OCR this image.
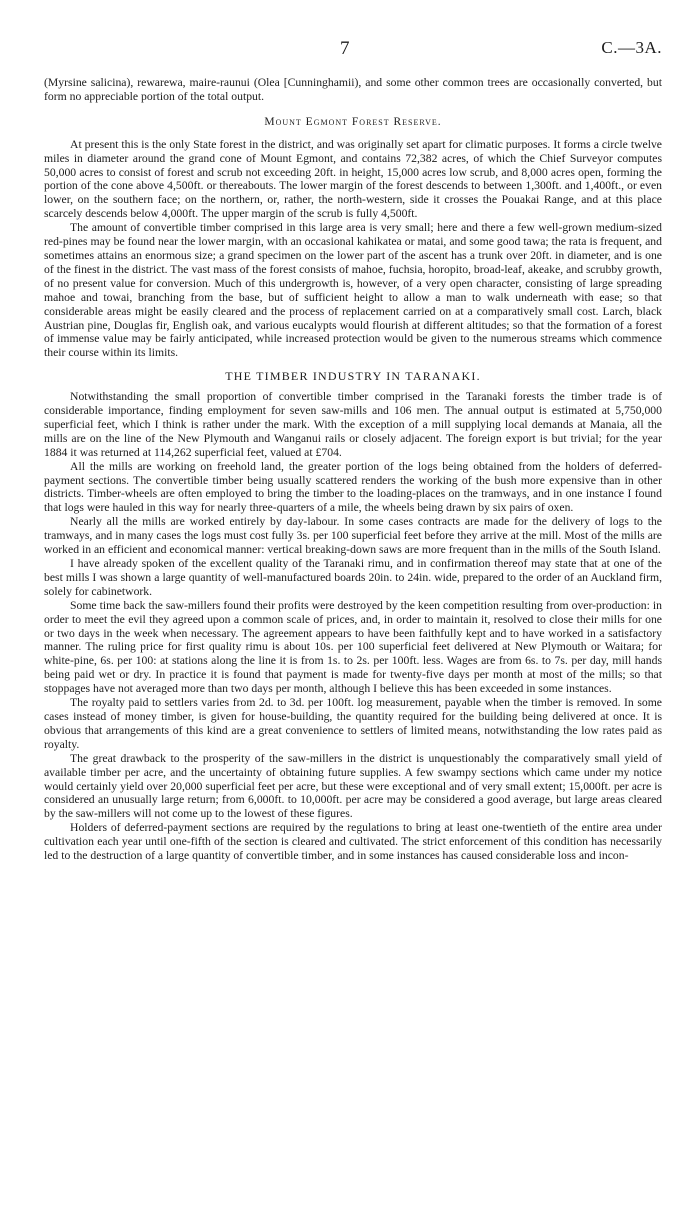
7	C.—3A.

(Myrsine salicina), rewarewa, maire-raunui (Olea [Cunninghamii), and some other common trees are occasionally converted, but form no appreciable portion of the total output.

Mount Egmont Forest Reserve.

At present this is the only State forest in the district, and was originally set apart for climatic purposes. It forms a circle twelve miles in diameter around the grand cone of Mount Egmont, and contains 72,382 acres, of which the Chief Surveyor computes 50,000 acres to consist of forest and scrub not exceeding 20ft. in height, 15,000 acres low scrub, and 8,000 acres open, forming the portion of the cone above 4,500ft. or thereabouts. The lower margin of the forest descends to between 1,300ft. and 1,400ft., or even lower, on the southern face; on the northern, or, rather, the north-western, side it crosses the Pouakai Range, and at this place scarcely descends below 4,000ft. The upper margin of the scrub is fully 4,500ft.

The amount of convertible timber comprised in this large area is very small; here and there a few well-grown medium-sized red-pines may be found near the lower margin, with an occasional kahikatea or matai, and some good tawa; the rata is frequent, and sometimes attains an enormous size; a grand specimen on the lower part of the ascent has a trunk over 20ft. in diameter, and is one of the finest in the district. The vast mass of the forest consists of mahoe, fuchsia, horopito, broad-leaf, akeake, and scrubby growth, of no present value for conversion. Much of this undergrowth is, however, of a very open character, consisting of large spreading mahoe and towai, branching from the base, but of sufficient height to allow a man to walk underneath with ease; so that considerable areas might be easily cleared and the process of replacement carried on at a comparatively small cost. Larch, black Austrian pine, Douglas fir, English oak, and various eucalypts would flourish at different altitudes; so that the formation of a forest of immense value may be fairly anticipated, while increased protection would be given to the numerous streams which commence their course within its limits.

THE TIMBER INDUSTRY IN TARANAKI.

Notwithstanding the small proportion of convertible timber comprised in the Taranaki forests the timber trade is of considerable importance, finding employment for seven saw-mills and 106 men. The annual output is estimated at 5,750,000 superficial feet, which I think is rather under the mark. With the exception of a mill supplying local demands at Manaia, all the mills are on the line of the New Plymouth and Wanganui rails or closely adjacent. The foreign export is but trivial; for the year 1884 it was returned at 114,262 superficial feet, valued at £704.

All the mills are working on freehold land, the greater portion of the logs being obtained from the holders of deferred-payment sections. The convertible timber being usually scattered renders the working of the bush more expensive than in other districts. Timber-wheels are often employed to bring the timber to the loading-places on the tramways, and in one instance I found that logs were hauled in this way for nearly three-quarters of a mile, the wheels being drawn by six pairs of oxen.

Nearly all the mills are worked entirely by day-labour. In some cases contracts are made for the delivery of logs to the tramways, and in many cases the logs must cost fully 3s. per 100 superficial feet before they arrive at the mill. Most of the mills are worked in an efficient and economical manner: vertical breaking-down saws are more frequent than in the mills of the South Island.

I have already spoken of the excellent quality of the Taranaki rimu, and in confirmation thereof may state that at one of the best mills I was shown a large quantity of well-manufactured boards 20in. to 24in. wide, prepared to the order of an Auckland firm, solely for cabinetwork.

Some time back the saw-millers found their profits were destroyed by the keen competition resulting from over-production: in order to meet the evil they agreed upon a common scale of prices, and, in order to maintain it, resolved to close their mills for one or two days in the week when necessary. The agreement appears to have been faithfully kept and to have worked in a satisfactory manner. The ruling price for first quality rimu is about 10s. per 100 superficial feet delivered at New Plymouth or Waitara; for white-pine, 6s. per 100: at stations along the line it is from 1s. to 2s. per 100ft. less. Wages are from 6s. to 7s. per day, mill hands being paid wet or dry. In practice it is found that payment is made for twenty-five days per month at most of the mills; so that stoppages have not averaged more than two days per month, although I believe this has been exceeded in some instances.

The royalty paid to settlers varies from 2d. to 3d. per 100ft. log measurement, payable when the timber is removed. In some cases instead of money timber, is given for house-building, the quantity required for the building being delivered at once. It is obvious that arrangements of this kind are a great convenience to settlers of limited means, notwithstanding the low rates paid as royalty.

The great drawback to the prosperity of the saw-millers in the district is unquestionably the comparatively small yield of available timber per acre, and the uncertainty of obtaining future supplies. A few swampy sections which came under my notice would certainly yield over 20,000 superficial feet per acre, but these were exceptional and of very small extent; 15,000ft. per acre is considered an unusually large return; from 6,000ft. to 10,000ft. per acre may be considered a good average, but large areas cleared by the saw-millers will not come up to the lowest of these figures.

Holders of deferred-payment sections are required by the regulations to bring at least one-twentieth of the entire area under cultivation each year until one-fifth of the section is cleared and cultivated. The strict enforcement of this condition has necessarily led to the destruction of a large quantity of convertible timber, and in some instances has caused considerable loss and incon-
